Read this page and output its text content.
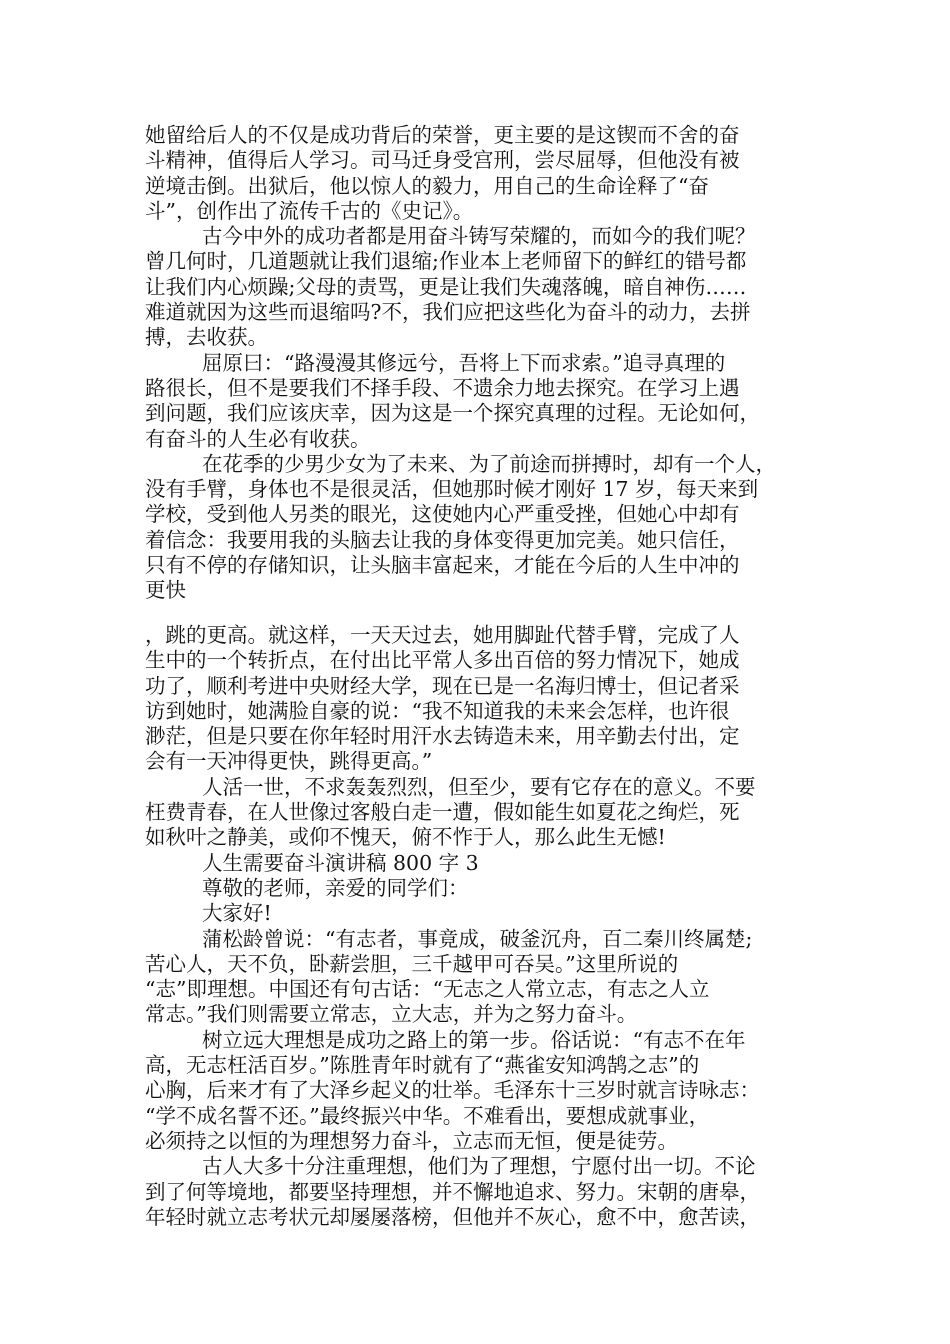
她留给后人的不仅是成功背后的荣誉，更主要的是这锲而不舍的奋
斗精神，值得后人学习。司马迁身受宫刑，尝尽屈辱，但他没有被
逆境击倒。出狱后，他以惊人的毅力，用自己的生命诠释了“奋
斗”，创作出了流传千古的《史记》。
古今中外的成功者都是用奋斗铸写荣耀的，而如今的我们呢？
曾几何时，几道题就让我们退缩;作业本上老师留下的鲜红的错号都
让我们内心烦躁;父母的责骂，更是让我们失魂落魄，暗自神伤……
难道就因为这些而退缩吗?不，我们应把这些化为奋斗的动力，去拼
搏，去收获。
屈原曰：“路漫漫其修远兮，吾将上下而求索。”追寻真理的
路很长，但不是要我们不择手段、不遗余力地去探究。在学习上遇
到问题，我们应该庆幸，因为这是一个探究真理的过程。无论如何，
有奋斗的人生必有收获。
在花季的少男少女为了未来、为了前途而拼搏时，却有一个人，
没有手臂，身体也不是很灵活，但她那时候才刚好 17 岁，每天来到
学校，受到他人另类的眼光，这使她内心严重受挫，但她心中却有
着信念：我要用我的头脑去让我的身体变得更加完美。她只信任，
只有不停的存储知识，让头脑丰富起来，才能在今后的人生中冲的
更快
，跳的更高。就这样，一天天过去，她用脚趾代替手臂，完成了人
生中的一个转折点，在付出比平常人多出百倍的努力情况下，她成
功了，顺利考进中央财经大学，现在已是一名海归博士，但记者采
访到她时，她满脸自豪的说：“我不知道我的未来会怎样，也许很
渺茫，但是只要在你年轻时用汗水去铸造未来，用辛勤去付出，定
会有一天冲得更快，跳得更高。”
人活一世，不求轰轰烈烈，但至少，要有它存在的意义。不要
枉费青春，在人世像过客般白走一遭，假如能生如夏花之绚烂，死
如秋叶之静美，或仰不愧天，俯不怍于人，那么此生无憾!
人生需要奋斗演讲稿 800 字 3
尊敬的老师，亲爱的同学们：
大家好!
蒲松龄曾说：“有志者，事竟成，破釜沉舟，百二秦川终属楚;
苦心人，天不负，卧薪尝胆，三千越甲可吞吴。”这里所说的
“志”即理想。中国还有句古话：“无志之人常立志，有志之人立
常志。”我们则需要立常志，立大志，并为之努力奋斗。
树立远大理想是成功之路上的第一步。俗话说：“有志不在年
高，无志枉活百岁。”陈胜青年时就有了“燕雀安知鸿鹄之志”的
心胸，后来才有了大泽乡起义的壮举。毛泽东十三岁时就言诗咏志：
“学不成名誓不还。”最终振兴中华。不难看出，要想成就事业，
必须持之以恒的为理想努力奋斗，立志而无恒，便是徒劳。
古人大多十分注重理想，他们为了理想，宁愿付出一切。不论
到了何等境地，都要坚持理想，并不懈地追求、努力。宋朝的唐皋，
年轻时就立志考状元却屡屡落榜，但他并不灰心，愈不中，愈苦读，
